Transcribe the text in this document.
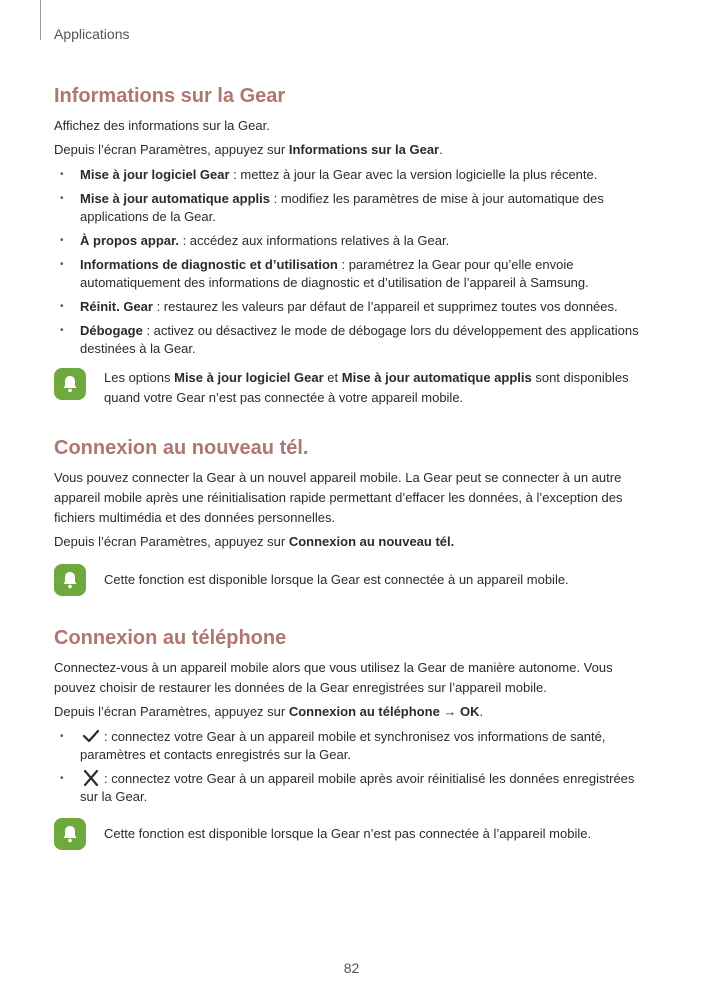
Applications
Informations sur la Gear

Affichez des informations sur la Gear.

Depuis l’écran Paramètres, appuyez sur Informations sur la Gear.

• Mise à jour logiciel Gear : mettez à jour la Gear avec la version logicielle la plus récente.
• Mise à jour automatique applis : modifiez les paramètres de mise à jour automatique des applications de la Gear.
• À propos appar. : accédez aux informations relatives à la Gear.
• Informations de diagnostic et d’utilisation : paramétrez la Gear pour qu’elle envoie automatiquement des informations de diagnostic et d’utilisation de l’appareil à Samsung.
• Réinit. Gear : restaurez les valeurs par défaut de l’appareil et supprimez toutes vos données.
• Débogage : activez ou désactivez le mode de débogage lors du développement des applications destinées à la Gear.

Les options Mise à jour logiciel Gear et Mise à jour automatique applis sont disponibles quand votre Gear n’est pas connectée à votre appareil mobile.

Connexion au nouveau tél.

Vous pouvez connecter la Gear à un nouvel appareil mobile. La Gear peut se connecter à un autre appareil mobile après une réinitialisation rapide permettant d’effacer les données, à l’exception des fichiers multimédia et des données personnelles.

Depuis l’écran Paramètres, appuyez sur Connexion au nouveau tél.

Cette fonction est disponible lorsque la Gear est connectée à un appareil mobile.

Connexion au téléphone

Connectez-vous à un appareil mobile alors que vous utilisez la Gear de manière autonome. Vous pouvez choisir de restaurer les données de la Gear enregistrées sur l’appareil mobile.

Depuis l’écran Paramètres, appuyez sur Connexion au téléphone → OK.

• : connectez votre Gear à un appareil mobile et synchronisez vos informations de santé, paramètres et contacts enregistrés sur la Gear.
• : connectez votre Gear à un appareil mobile après avoir réinitialisé les données enregistrées sur la Gear.

Cette fonction est disponible lorsque la Gear n’est pas connectée à l’appareil mobile.

82
